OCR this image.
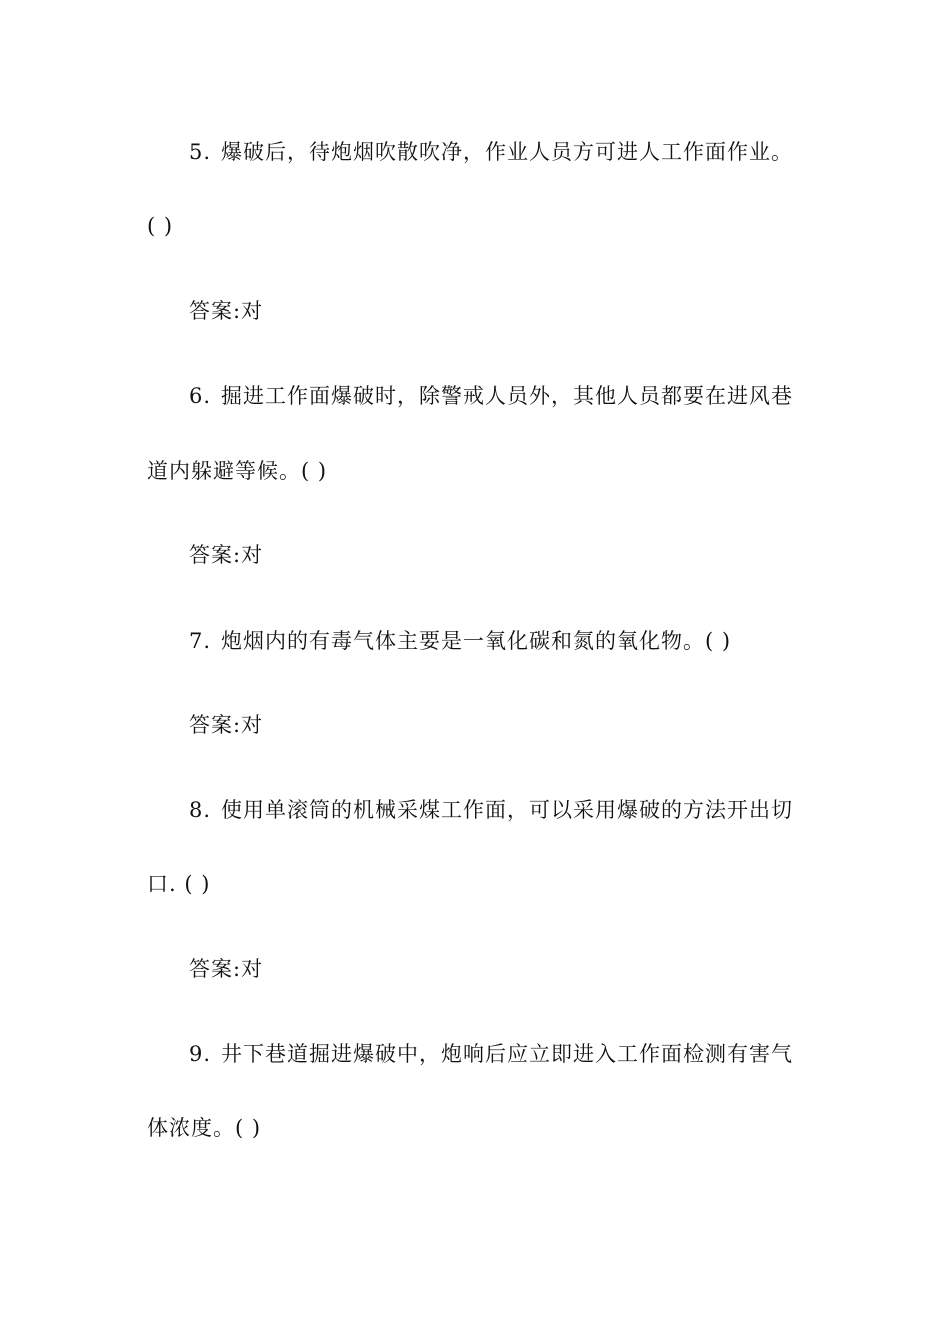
5. 爆破后，待炮烟吹散吹净，作业人员方可进人工作面作业。
( )
答案:对
6. 掘进工作面爆破时，除警戒人员外，其他人员都要在进风巷
道内躲避等候。( )
答案:对
7. 炮烟内的有毒气体主要是一氧化碳和氮的氧化物。( )
答案:对
8. 使用单滚筒的机械采煤工作面，可以采用爆破的方法开出切
口. ( )
答案:对
9. 井下巷道掘进爆破中，炮响后应立即进入工作面检测有害气
体浓度。( )
